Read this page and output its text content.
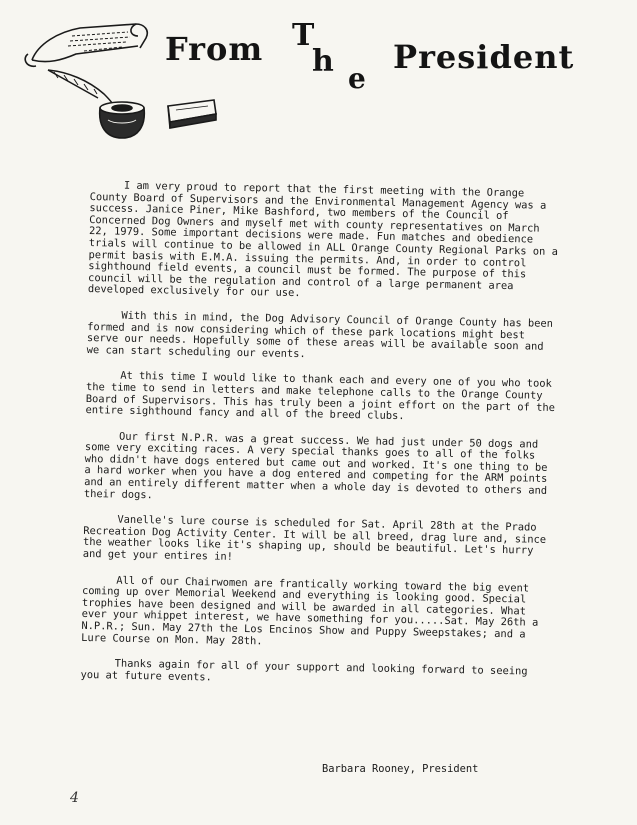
From T
h e
President

I am very proud to report that the first meeting with the Orange County Board of Supervisors and the Environmental Management Agency was a success. Janice Piner, Mike Bashford, two members of the Council of Concerned Dog Owners and myself met with county representatives on March 22, 1979. Some important decisions were made. Fun matches and obedience trials will continue to be allowed in ALL Orange County Regional Parks on a permit basis with E.M.A. issuing the permits. And, in order to control sighthound field events, a council must be formed. The purpose of this council will be the regulation and control of a large permanent area developed exclusively for our use.

With this in mind, the Dog Advisory Council of Orange County has been formed and is now considering which of these park locations might best serve our needs. Hopefully some of these areas will be available soon and we can start scheduling our events.

At this time I would like to thank each and every one of you who took the time to send in letters and make telephone calls to the Orange County Board of Supervisors. This has truly been a joint effort on the part of the entire sighthound fancy and all of the breed clubs.

Our first N.P.R. was a great success. We had just under 50 dogs and some very exciting races. A very special thanks goes to all of the folks who didn't have dogs entered but came out and worked. It's one thing to be a hard worker when you have a dog entered and competing for the ARM points and an entirely different matter when a whole day is devoted to others and their dogs.

Vanelle's lure course is scheduled for Sat. April 28th at the Prado Recreation Dog Activity Center. It will be all breed, drag lure and, since the weather looks like it's shaping up, should be beautiful. Let's hurry and get your entires in!

All of our Chairwomen are frantically working toward the big event coming up over Memorial Weekend and everything is looking good. Special trophies have been designed and will be awarded in all categories. What ever your whippet interest, we have something for you.....Sat. May 26th a N.P.R.; Sun. May 27th the Los Encinos Show and Puppy Sweepstakes; and a Lure Course on Mon. May 28th.

Thanks again for all of your support and looking forward to seeing you at future events.

Barbara Rooney, President
4
